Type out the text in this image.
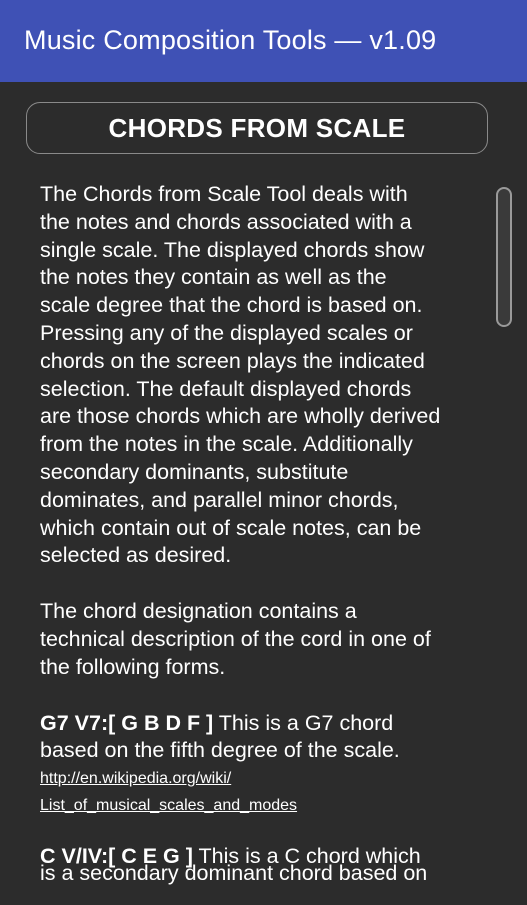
Music Composition Tools — v1.09
CHORDS FROM SCALE

The Chords from Scale Tool deals with
the notes and chords associated with a
single scale. The displayed chords show
the notes they contain as well as the
scale degree that the chord is based on.
Pressing any of the displayed scales or
chords on the screen plays the indicated
selection. The default displayed chords
are those chords which are wholly derived
from the notes in the scale. Additionally
secondary dominants, substitute
dominates, and parallel minor chords,
which contain out of scale notes, can be
selected as desired.

The chord designation contains a
technical description of the cord in one of
the following forms.

G7 V7:[ G B D F ] This is a G7 chord

based on the fifth degree of the scale.

http://en.wikipedia.org/wiki/
List_of_musical_scales_and_modes

C V/IV:[ C E G ] This is a C chord which

is a secondary dominant chord based on
